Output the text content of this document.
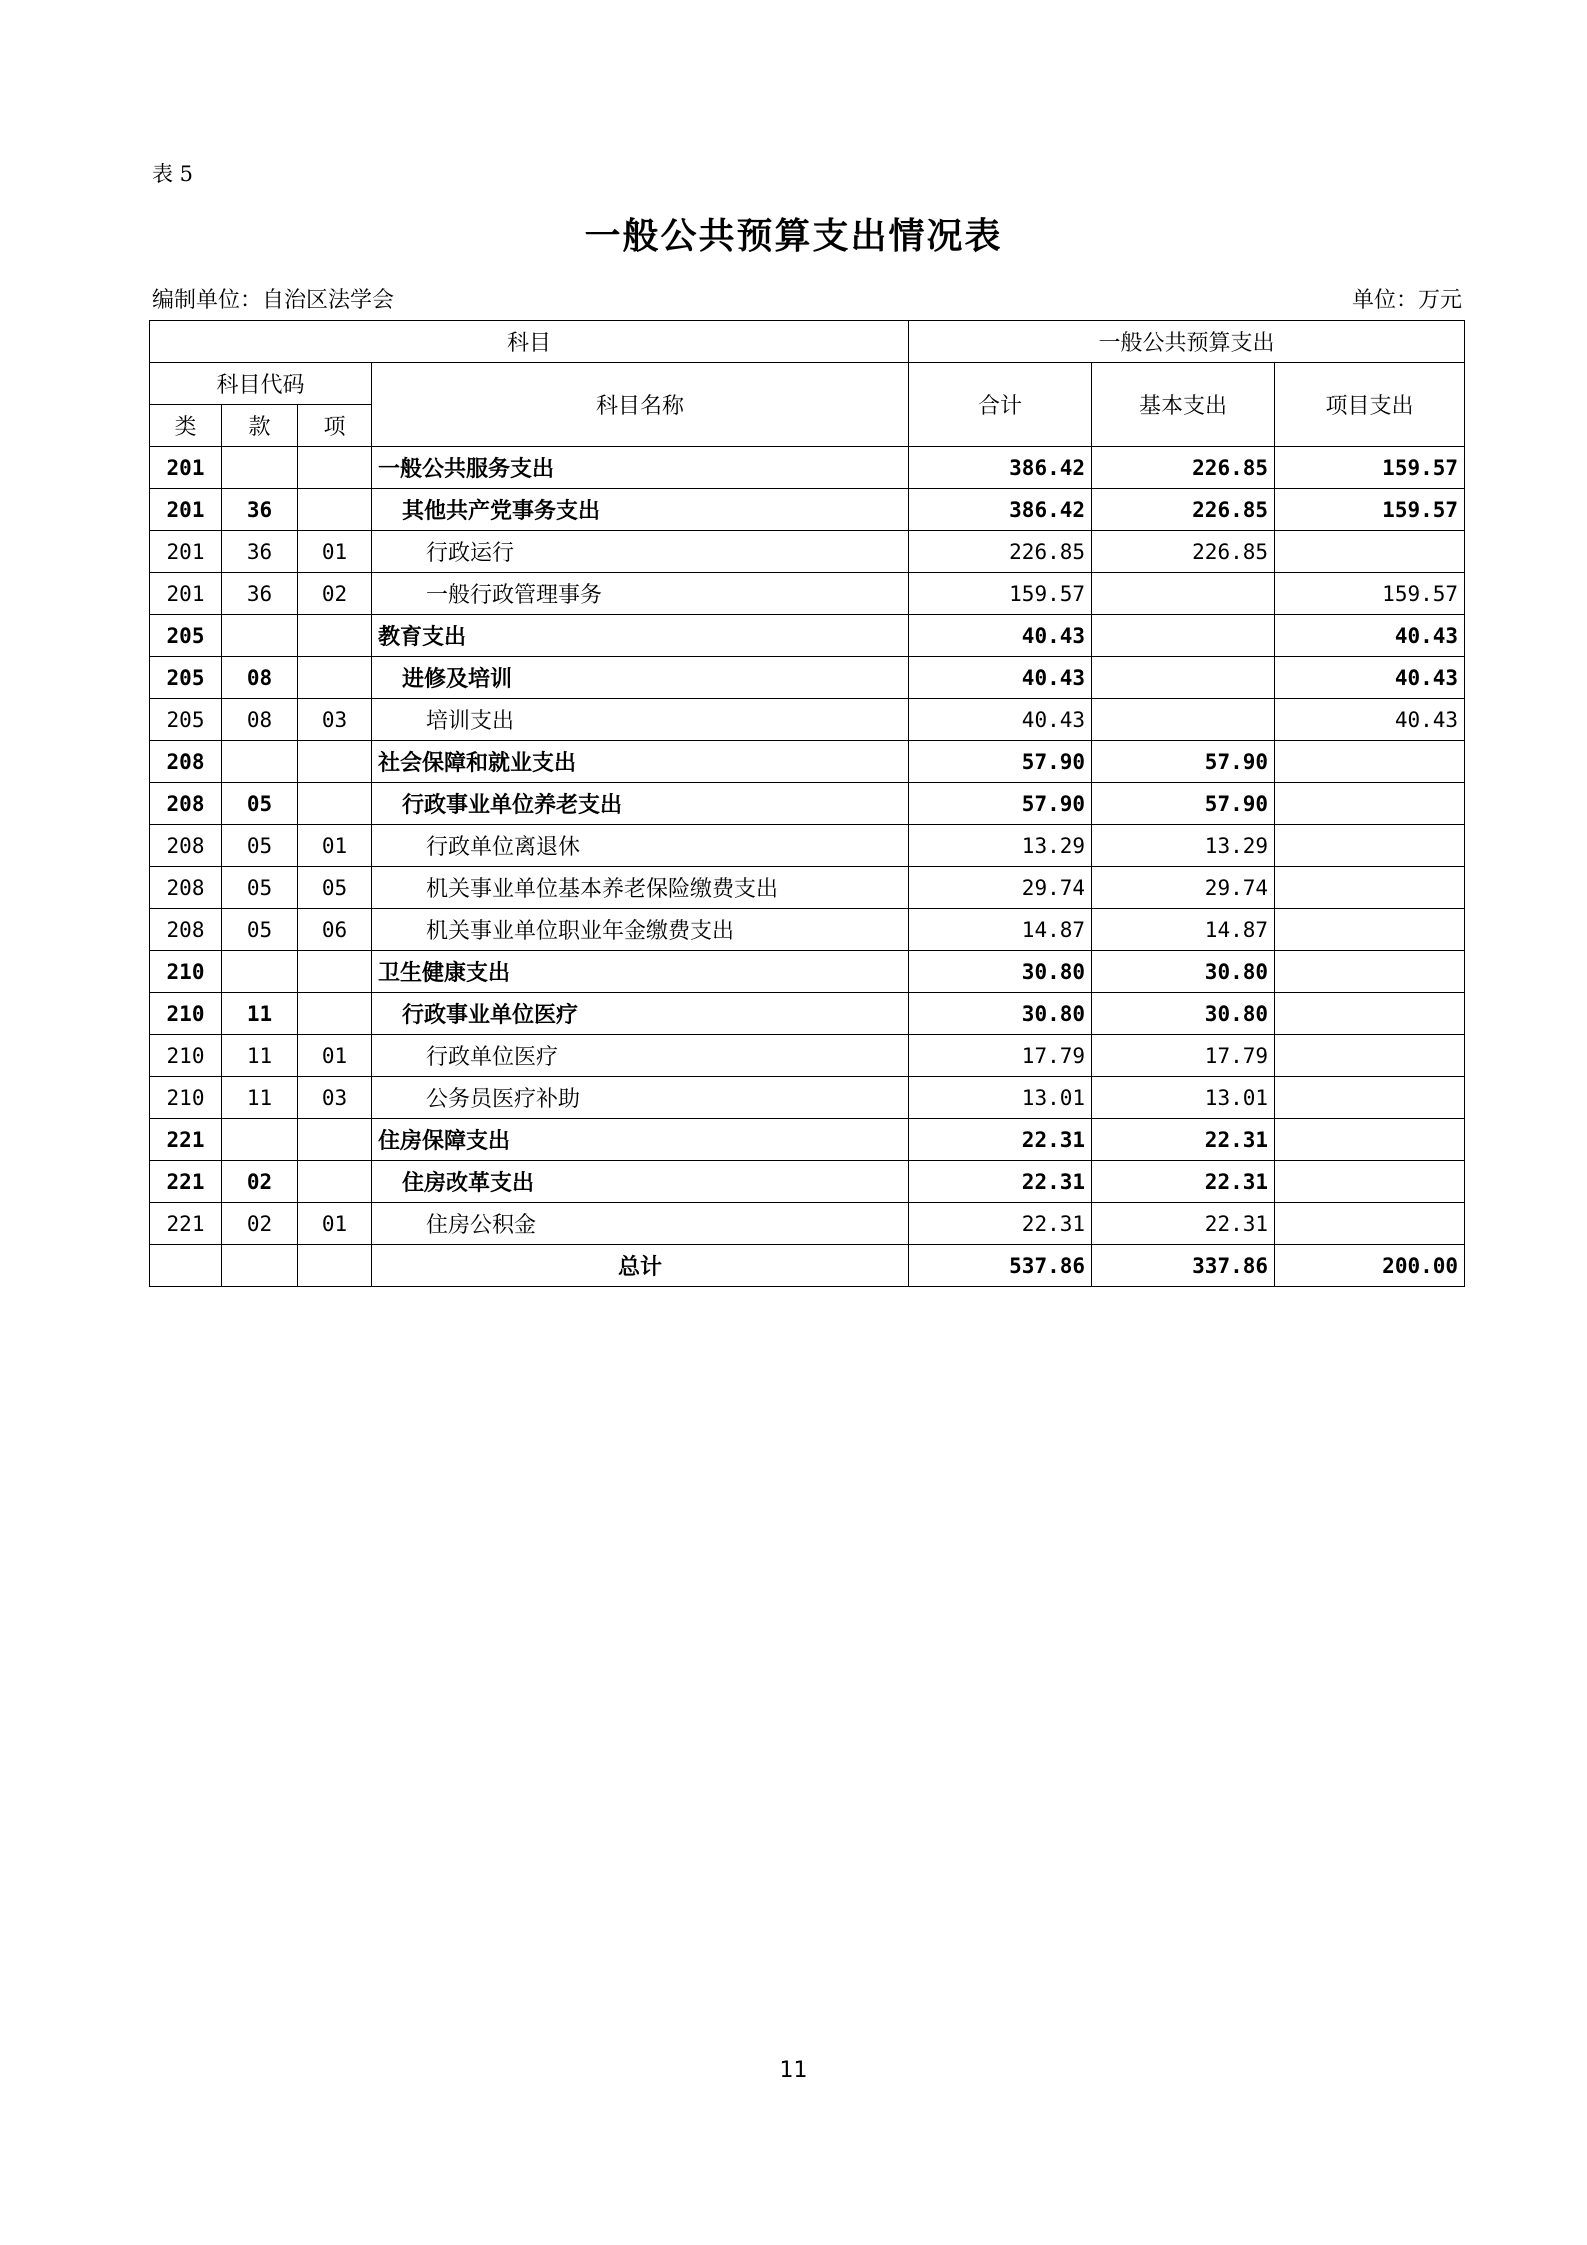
表 5
一般公共预算支出情况表
编制单位：自治区法学会	单位：万元
科目				一般公共预算支出		
科目代码			科目名称	合计	基本支出	项目支出
类	款	项				
201			一般公共服务支出	386.42	226.85	159.57
201	36		其他共产党事务支出	386.42	226.85	159.57
201	36	01	行政运行	226.85	226.85	
201	36	02	一般行政管理事务	159.57		159.57
205			教育支出	40.43		40.43
205	08		进修及培训	40.43		40.43
205	08	03	培训支出	40.43		40.43
208			社会保障和就业支出	57.90	57.90	
208	05		行政事业单位养老支出	57.90	57.90	
208	05	01	行政单位离退休	13.29	13.29	
208	05	05	机关事业单位基本养老保险缴费支出	29.74	29.74	
208	05	06	机关事业单位职业年金缴费支出	14.87	14.87	
210			卫生健康支出	30.80	30.80	
210	11		行政事业单位医疗	30.80	30.80	
210	11	01	行政单位医疗	17.79	17.79	
210	11	03	公务员医疗补助	13.01	13.01	
221			住房保障支出	22.31	22.31	
221	02		住房改革支出	22.31	22.31	
221	02	01	住房公积金	22.31	22.31	
			总计	537.86	337.86	200.00
11
